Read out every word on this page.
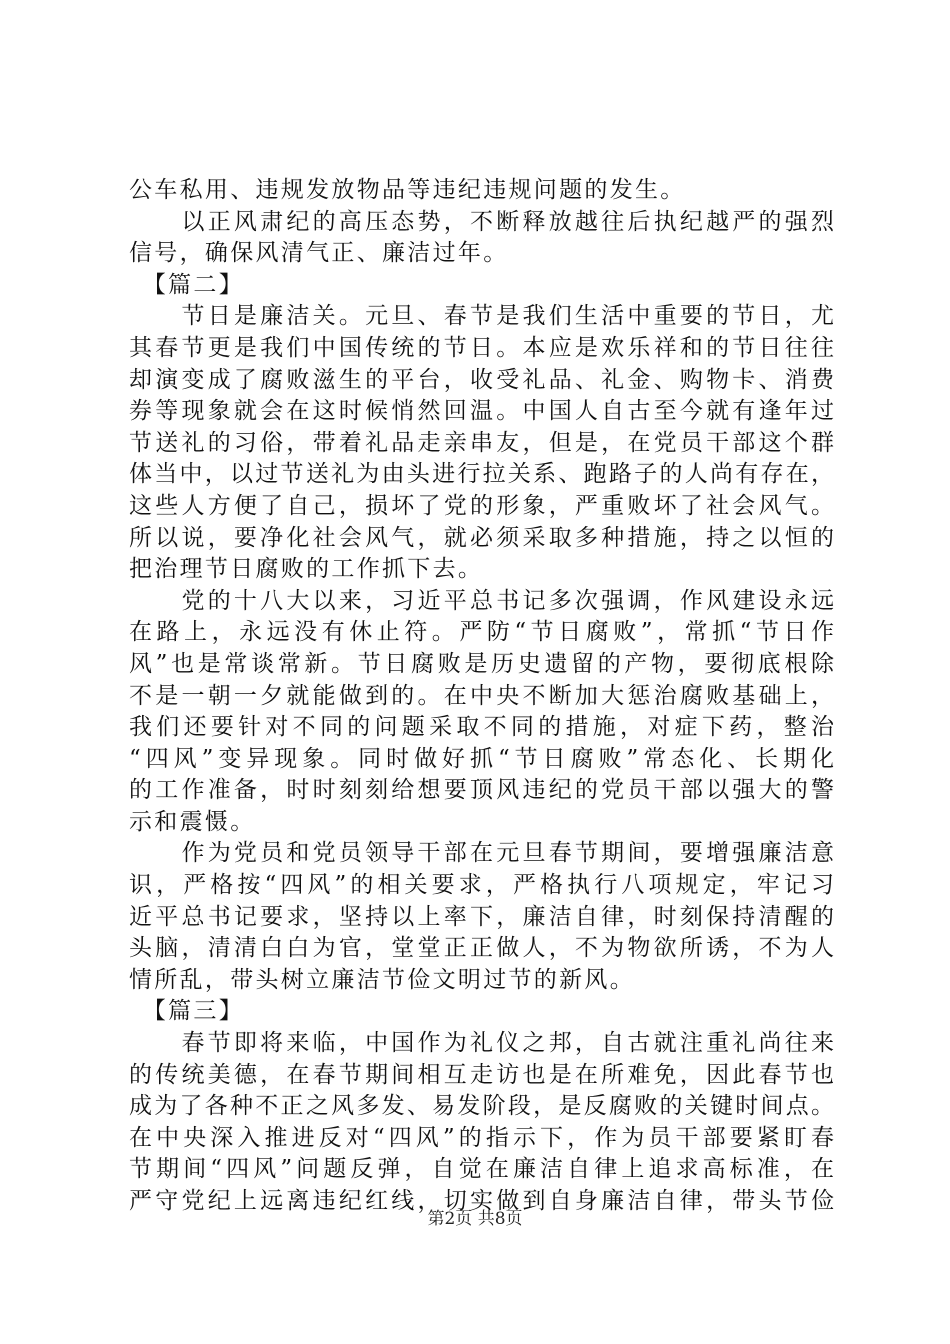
公车私用、违规发放物品等违纪违规问题的发生。
　　以正风肃纪的高压态势，不断释放越往后执纪越严的强烈
信号，确保风清气正、廉洁过年。
　【篇二】
　　节日是廉洁关。元旦、春节是我们生活中重要的节日，尤
其春节更是我们中国传统的节日。本应是欢乐祥和的节日往往
却演变成了腐败滋生的平台，收受礼品、礼金、购物卡、消费
券等现象就会在这时候悄然回温。中国人自古至今就有逢年过
节送礼的习俗，带着礼品走亲串友，但是，在党员干部这个群
体当中，以过节送礼为由头进行拉关系、跑路子的人尚有存在，
这些人方便了自己，损坏了党的形象，严重败坏了社会风气。
所以说，要净化社会风气，就必须采取多种措施，持之以恒的
把治理节日腐败的工作抓下去。
　　党的十八大以来，习近平总书记多次强调，作风建设永远
在路上，永远没有休止符。严防“节日腐败”，常抓“节日作
风”也是常谈常新。节日腐败是历史遗留的产物，要彻底根除
不是一朝一夕就能做到的。在中央不断加大惩治腐败基础上，
我们还要针对不同的问题采取不同的措施，对症下药，整治
“四风”变异现象。同时做好抓“节日腐败”常态化、长期化
的工作准备，时时刻刻给想要顶风违纪的党员干部以强大的警
示和震慑。
　　作为党员和党员领导干部在元旦春节期间，要增强廉洁意
识，严格按“四风”的相关要求，严格执行八项规定，牢记习
近平总书记要求，坚持以上率下，廉洁自律，时刻保持清醒的
头脑，清清白白为官，堂堂正正做人，不为物欲所诱，不为人
情所乱，带头树立廉洁节俭文明过节的新风。
　【篇三】
　　春节即将来临，中国作为礼仪之邦，自古就注重礼尚往来
的传统美德，在春节期间相互走访也是在所难免，因此春节也
成为了各种不正之风多发、易发阶段，是反腐败的关键时间点。
在中央深入推进反对“四风”的指示下，作为员干部要紧盯春
节期间“四风”问题反弹，自觉在廉洁自律上追求高标准，在
严守党纪上远离违纪红线，切实做到自身廉洁自律，带头节俭
第2页 共8页
